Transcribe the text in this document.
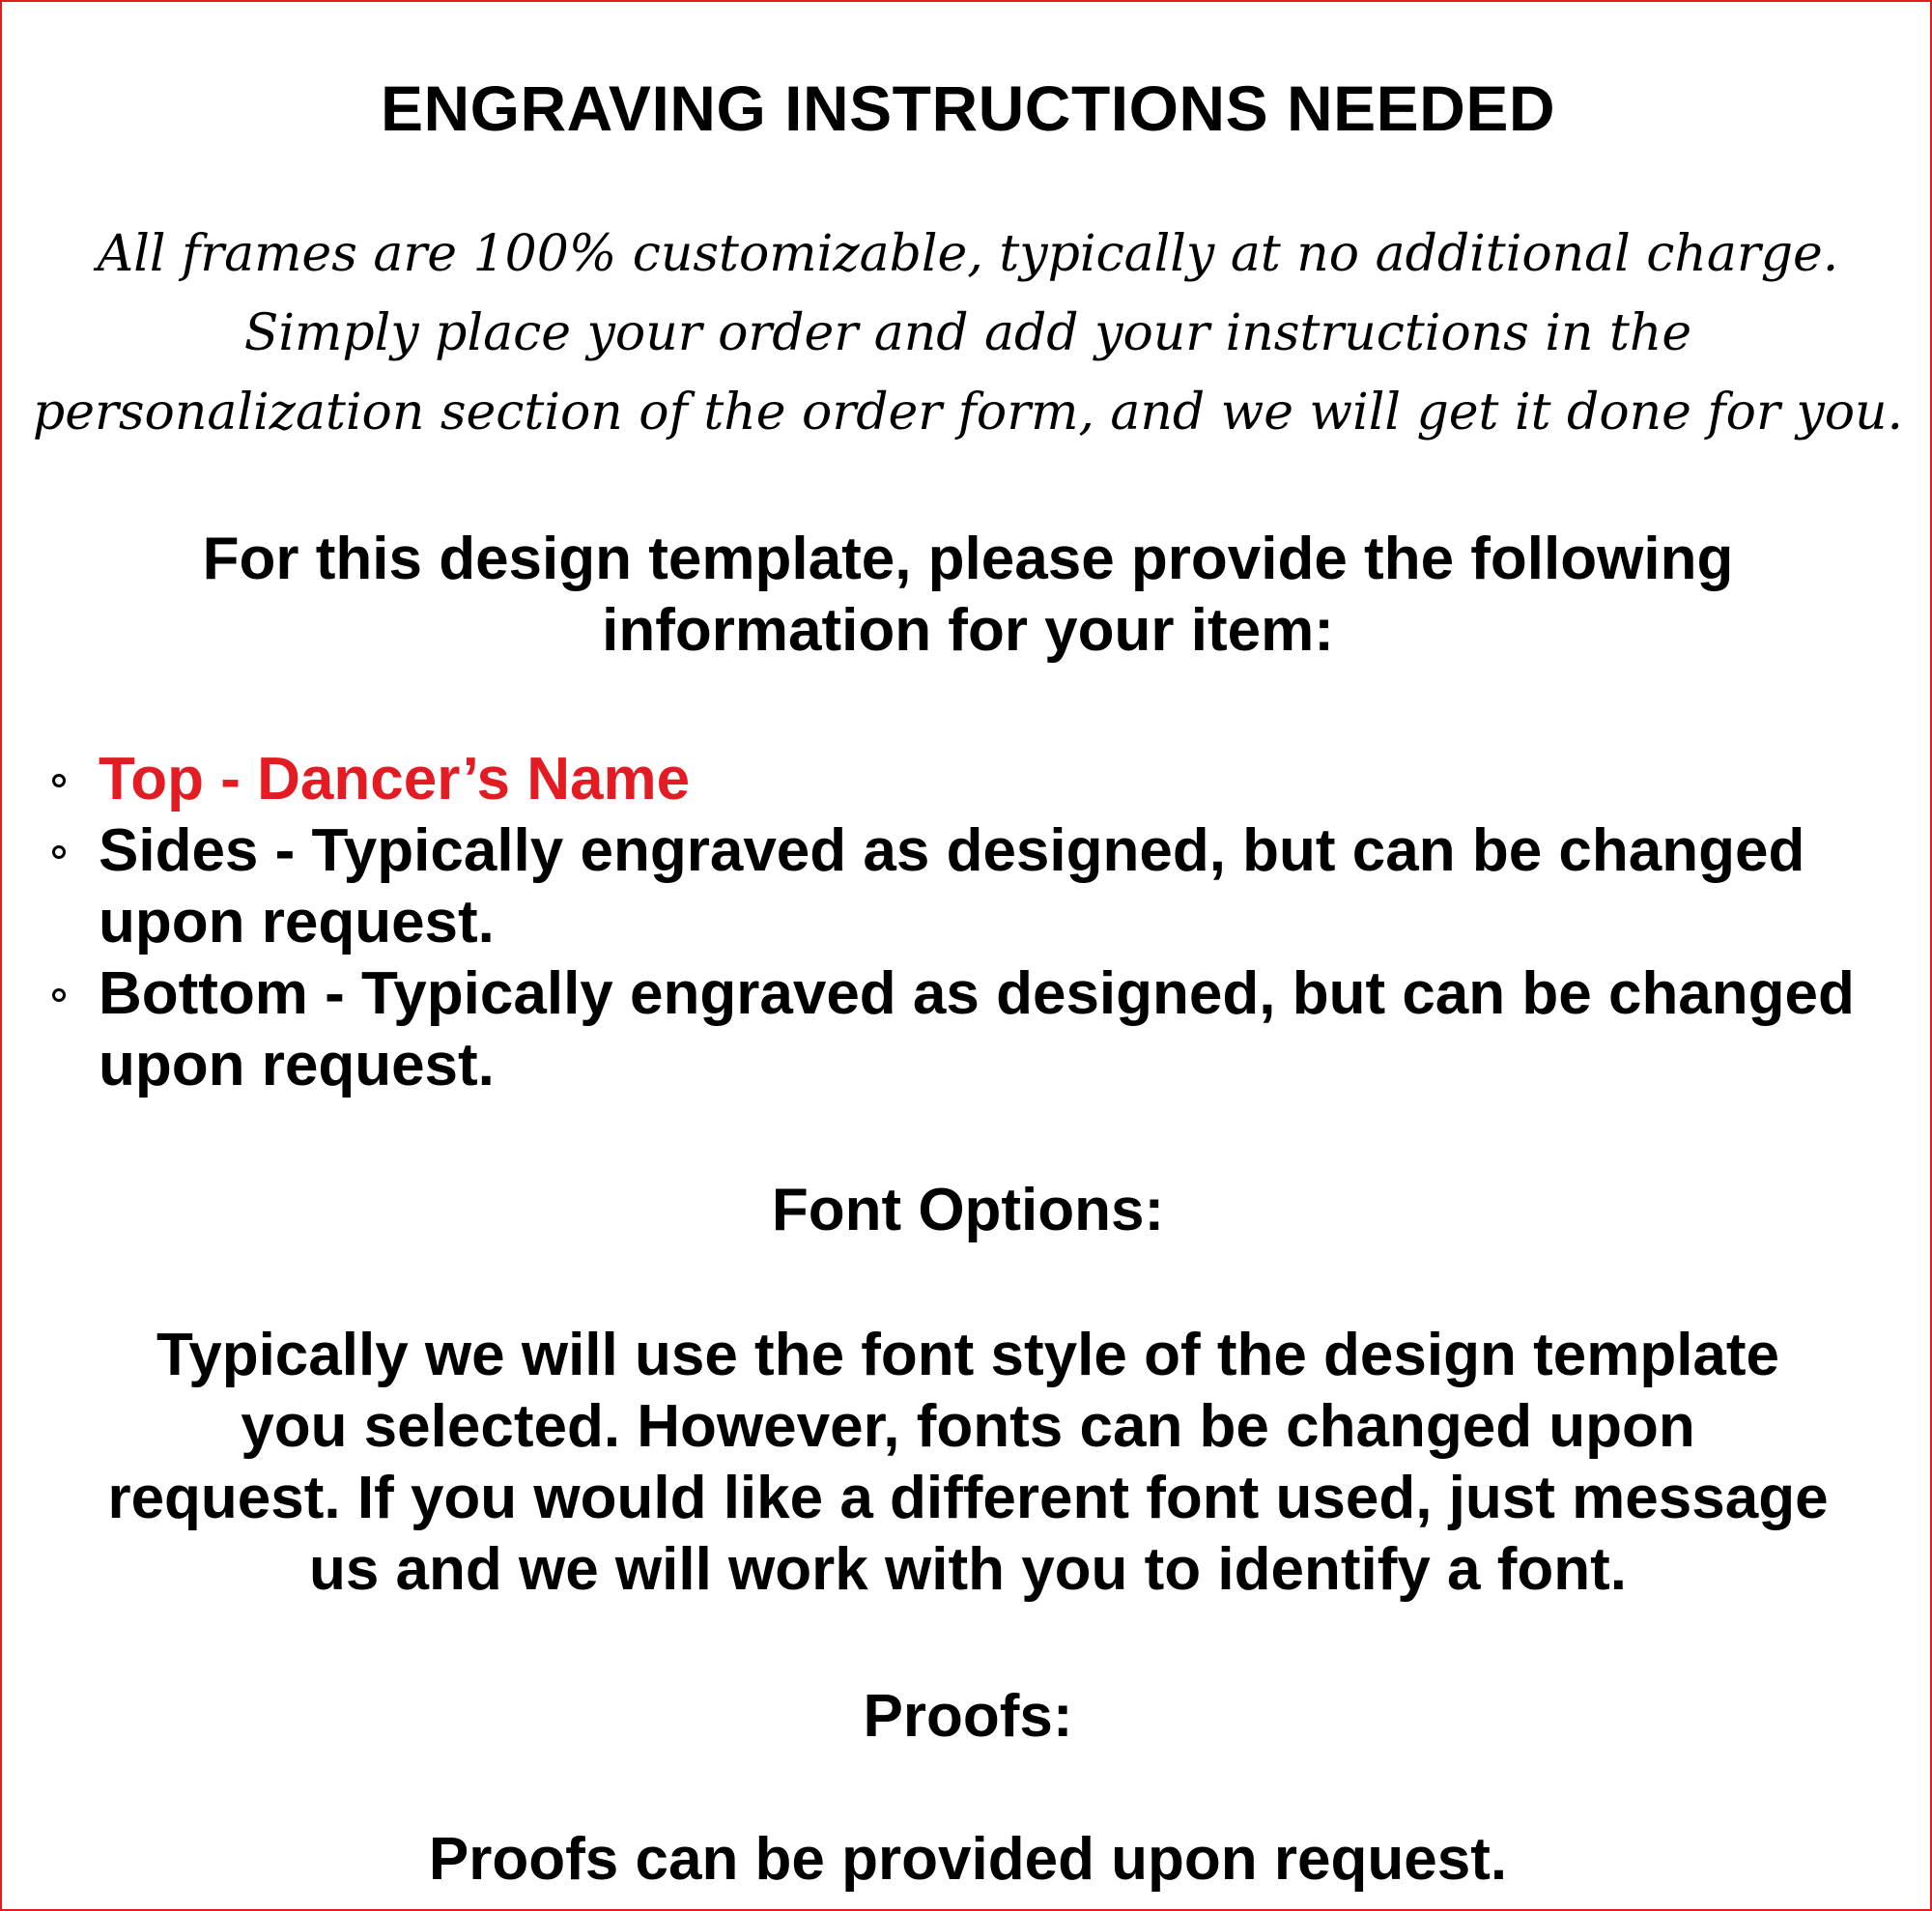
ENGRAVING INSTRUCTIONS NEEDED
All frames are 100% customizable, typically at no additional charge.
Simply place your order and add your instructions in the
personalization section of the order form, and we will get it done for you.
For this design template, please provide the following
information for your item:
Top - Dancer’s Name
Sides - Typically engraved as designed, but can be changed upon request.
Bottom - Typically engraved as designed, but can be changed upon request.
Font Options:
Typically we will use the font style of the design template
you selected. However, fonts can be changed upon
request. If you would like a different font used, just message
us and we will work with you to identify a font.
Proofs:
Proofs can be provided upon request.
